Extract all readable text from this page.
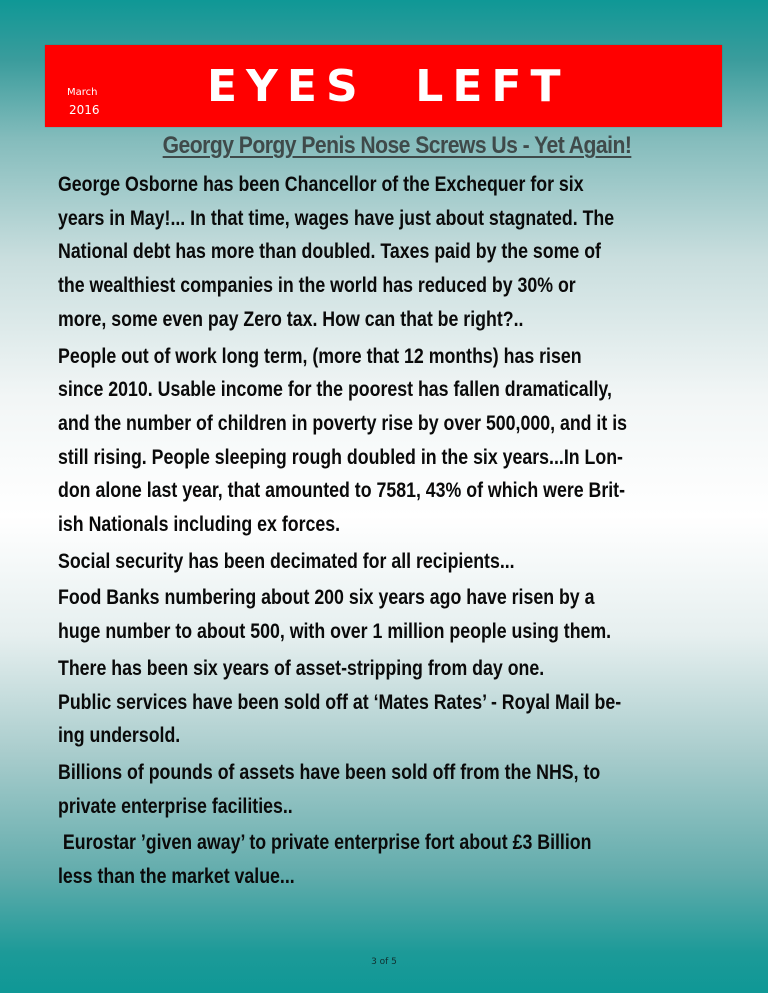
March
2016 EYES  LEFT
Georgy Porgy Penis Nose Screws Us - Yet Again!

George Osborne has been Chancellor of the Exchequer for six
years in May!... In that time, wages have just about stagnated. The
National debt has more than doubled. Taxes paid by the some of
the wealthiest companies in the world has reduced by 30% or
more, some even pay Zero tax. How can that be right?..

People out of work long term, (more that 12 months) has risen
since 2010. Usable income for the poorest has fallen dramatically,
and the number of children in poverty rise by over 500,000, and it is
still rising. People sleeping rough doubled in the six years...In Lon-
don alone last year, that amounted to 7581, 43% of which were Brit-
ish Nationals including ex forces.

Social security has been decimated for all recipients...

Food Banks numbering about 200 six years ago have risen by a
huge number to about 500, with over 1 million people using them.

There has been six years of asset-stripping from day one.
Public services have been sold off at ‘Mates Rates’ - Royal Mail be-
ing undersold.

Billions of pounds of assets have been sold off from the NHS, to
private enterprise facilities..

Eurostar ’given away’ to private enterprise fort about £3 Billion
less than the market value...

3 of 5
